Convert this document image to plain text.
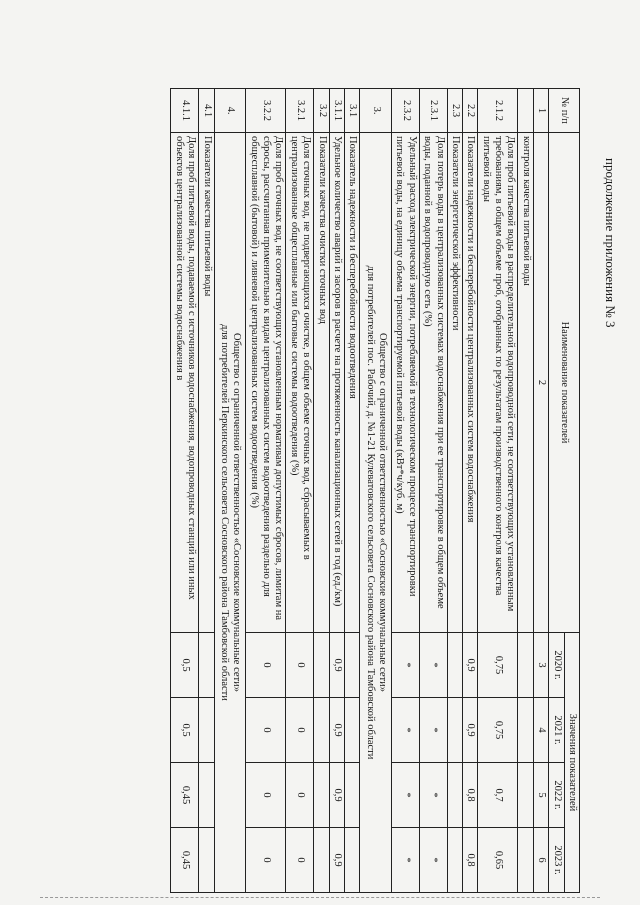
продолжение приложения № 3
№ п/п	Наименование показателей	Значения показателей			
		2020 г.	2021 г.	2022 г.	2023 г.
1	2	3	4	5	6
	контроля качества питьевой воды				
2.1.2	Доля проб питьевой воды в распределительной водопроводной сети, не соответствующих установленным требованиям, в общем объеме проб, отобранных по результатам производственного контроля качества питьевой воды	0,75	0,75	0,7	0,65
2.2	Показатели надежности и бесперебойности централизованных систем водоснабжения	0,9	0,9	0,8	0,8
2.3	Показатели энергетической эффективности				
2.3.1	Доля потерь воды в централизованных системах водоснабжения при ее транспортировке в общем объеме воды, поданной в водопроводную сеть (%)	*	*	*	*
2.3.2	Удельный расход электрической энергии, потребляемой в технологическом процессе транспортировки питьевой воды, на единицу объема транспортируемой питьевой воды (кВт*ч/куб. м)	*	*	*	*
3.	Общество с ограниченной ответственностью «Сосновские коммунальные сети»
для потребителей пос. Рабочий, д. №1-21 Кулеватовского сельсовета Сосновского района Тамбовской области				

3.1	Показатель надежности и бесперебойности водоотведения				
3.1.1	Удельное количество аварий и засоров в расчете на протяженность канализационных сетей в год (ед./км)	0,9	0,9	0,9	0,9
3.2	Показатели качества очистки сточных вод				
3.2.1	Доля сточных вод, не подвергающихся очистке, в общем объеме сточных вод, сбрасываемых в централизованные общесплавные или бытовые системы водоотведения (%)	0	0	0	0
3.2.2	Доля проб сточных вод, не соответствующих установленным нормативам допустимых сбросов, лимитам на сбросы, рассчитанная применительно к видам централизованных систем водоотведения раздельно для общесплавной (бытовой) и ливневой централизованных систем водоотведения (%)	0	0	0	0
4.	Общество с ограниченной ответственностью «Сосновские коммунальные сети»
для потребителей Перкинского сельсовета Сосновского района Тамбовской области				

4.1	Показатели качества питьевой воды				
4.1.1	Доля проб питьевой воды, подаваемой с источников водоснабжения, водопроводных станций или иных объектов централизованной системы водоснабжения в	0,5	0,5	0,45	0,45
